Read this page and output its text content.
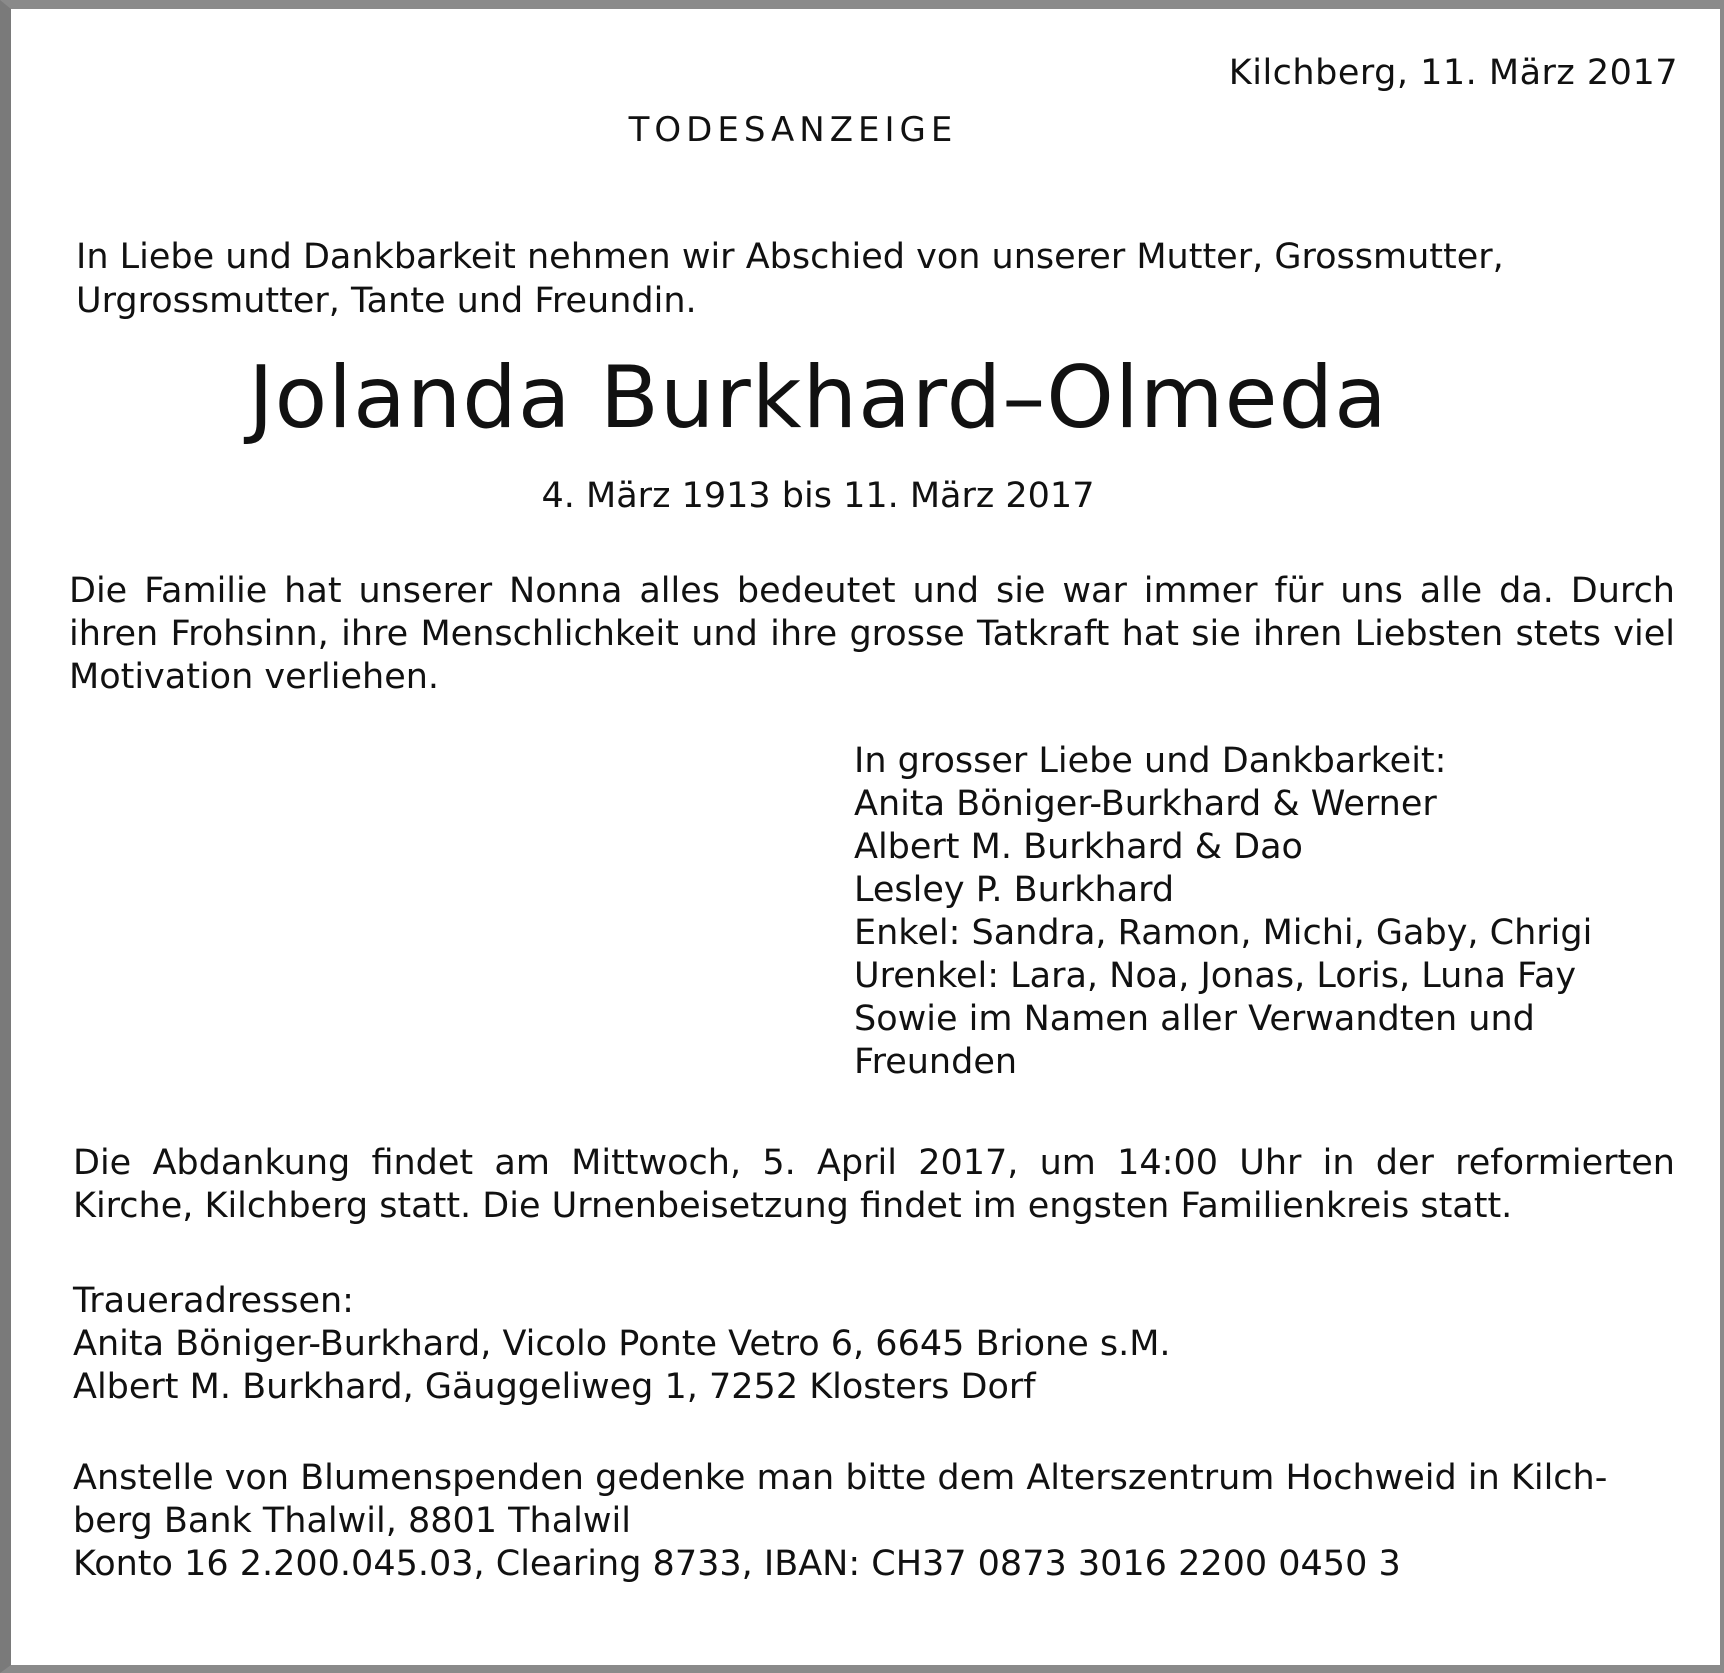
Kilchberg, 11. März 2017
TODESANZEIGE
In Liebe und Dankbarkeit nehmen wir Abschied von unserer Mutter, Grossmutter, Urgrossmutter, Tante und Freundin.
Jolanda Burkhard–Olmeda
4. März 1913 bis 11. März 2017
Die Familie hat unserer Nonna alles bedeutet und sie war immer für uns alle da. Durch ihren Frohsinn, ihre Menschlichkeit und ihre grosse Tatkraft hat sie ihren Liebsten stets viel Motivation verliehen.
In grosser Liebe und Dankbarkeit:
Anita Böniger-Burkhard & Werner
Albert M. Burkhard & Dao
Lesley P. Burkhard
Enkel: Sandra, Ramon, Michi, Gaby, Chrigi
Urenkel: Lara, Noa, Jonas, Loris, Luna Fay
Sowie im Namen aller Verwandten und
Freunden
Die Abdankung findet am Mittwoch, 5. April 2017, um 14:00 Uhr in der reformierten Kirche, Kilchberg statt. Die Urnenbeisetzung findet im engsten Familienkreis statt.
Traueradressen:
Anita Böniger-Burkhard, Vicolo Ponte Vetro 6, 6645 Brione s.M.
Albert M. Burkhard, Gäuggeliweg 1, 7252 Klosters Dorf
Anstelle von Blumenspenden gedenke man bitte dem Alterszentrum Hochweid in Kilch-
berg Bank Thalwil, 8801 Thalwil
Konto 16 2.200.045.03, Clearing 8733, IBAN: CH37 0873 3016 2200 0450 3
